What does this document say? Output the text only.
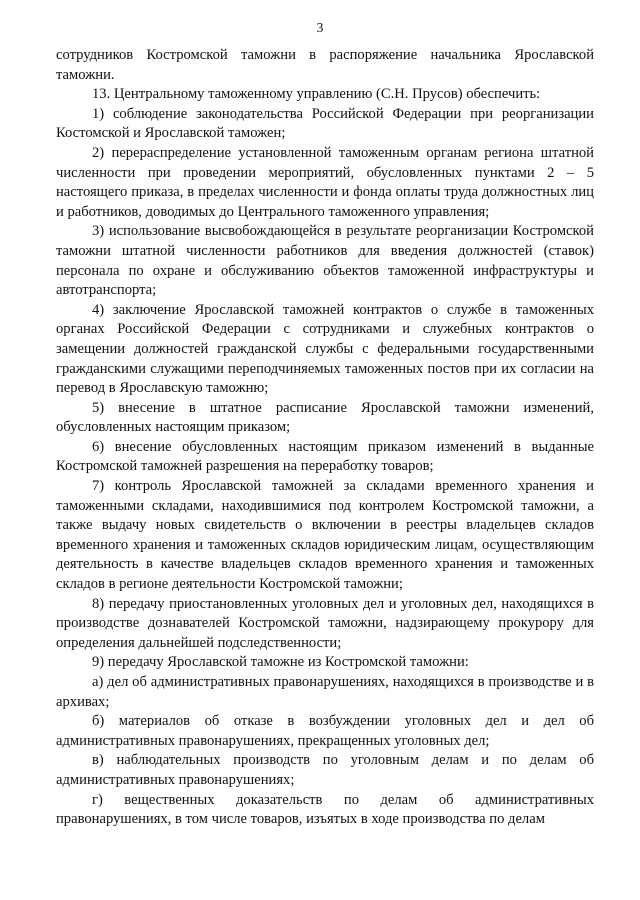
3

сотрудников Костромской таможни в распоряжение начальника Ярославской таможни.

13. Центральному таможенному управлению (С.Н. Прусов) обеспечить:

1) соблюдение законодательства Российской Федерации при реорганизации Костомской и Ярославской таможен;

2) перераспределение установленной таможенным органам региона штатной численности при проведении мероприятий, обусловленных пунктами 2 – 5 настоящего приказа, в пределах численности и фонда оплаты труда должностных лиц и работников, доводимых до Центрального таможенного управления;

3) использование высвобождающейся в результате реорганизации Костромской таможни штатной численности работников для введения должностей (ставок) персонала по охране и обслуживанию объектов таможенной инфраструктуры и автотранспорта;

4) заключение Ярославской таможней контрактов о службе в таможенных органах Российской Федерации с сотрудниками и служебных контрактов о замещении должностей гражданской службы с федеральными государственными гражданскими служащими переподчиняемых таможенных постов при их согласии на перевод в Ярославскую таможню;

5) внесение в штатное расписание Ярославской таможни изменений, обусловленных настоящим приказом;

6) внесение обусловленных настоящим приказом изменений в выданные Костромской таможней разрешения на переработку товаров;

7) контроль Ярославской таможней за складами временного хранения и таможенными складами, находившимися под контролем Костромской таможни, а также выдачу новых свидетельств о включении в реестры владельцев складов временного хранения и таможенных складов юридическим лицам, осуществляющим деятельность в качестве владельцев складов временного хранения и таможенных складов в регионе деятельности Костромской таможни;

8) передачу приостановленных уголовных дел и уголовных дел, находящихся в производстве дознавателей Костромской таможни, надзирающему прокурору для определения дальнейшей подследственности;

9) передачу Ярославской таможне из Костромской таможни:

а) дел об административных правонарушениях, находящихся в производстве и в архивах;

б) материалов об отказе в возбуждении уголовных дел и дел об административных правонарушениях, прекращенных уголовных дел;

в) наблюдательных производств по уголовным делам и по делам об административных правонарушениях;

г) вещественных доказательств по делам об административных правонарушениях, в том числе товаров, изъятых в ходе производства по делам
